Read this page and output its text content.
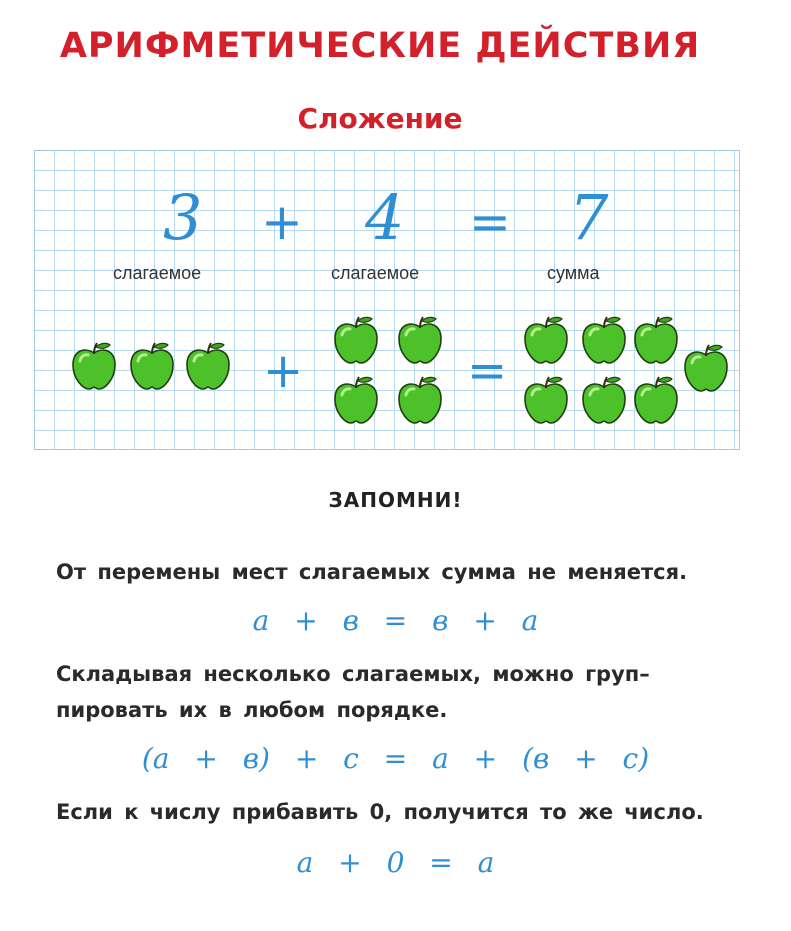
АРИФМЕТИЧЕСКИЕ ДЕЙСТВИЯ
Сложение
3 + 4 = 7
слагаемое	слагаемое	сумма
+	=
ЗАПОМНИ!
От перемены мест слагаемых сумма не меняется.
a + в = в + a
Складывая несколько слагаемых, можно груп–
пировать их в любом порядке.
(a + в) + c = a + (в + c)
Если к числу прибавить 0, получится то же число.
a + 0 = a
